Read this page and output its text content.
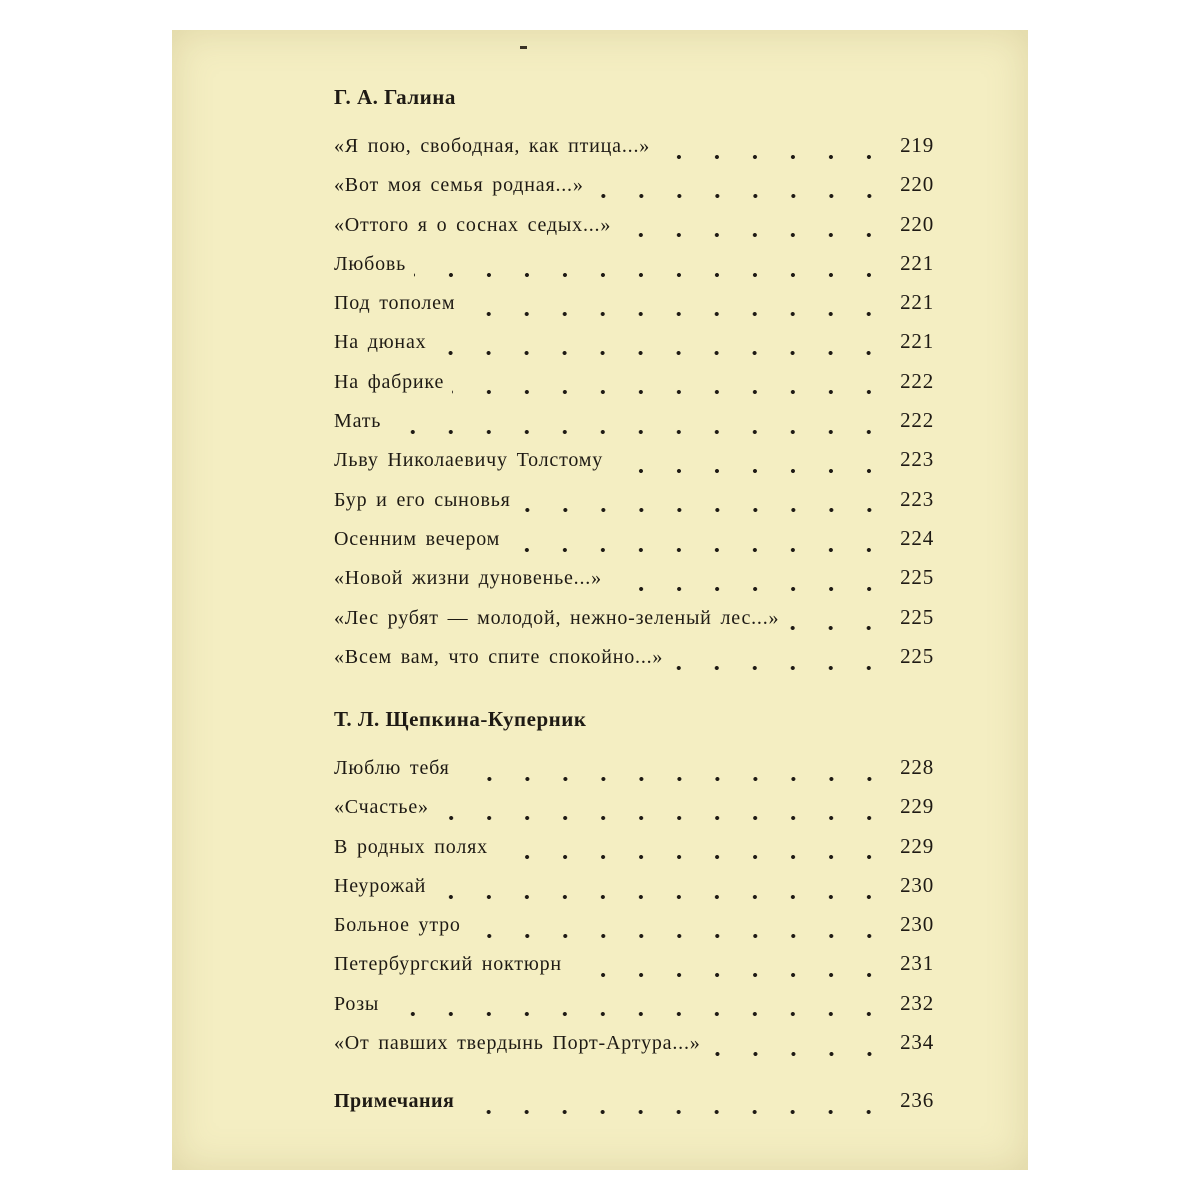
Г. А. Галина
«Я пою, свободная, как птица...»	219
«Вот моя семья родная...»	220
«Оттого я о соснах седых...»	220
Любовь	221
Под тополем	221
На дюнах	221
На фабрике	222
Мать	222
Льву Николаевичу Толстому	223
Бур и его сыновья	223
Осенним вечером	224
«Новой жизни дуновенье...»	225
«Лес рубят — молодой, нежно-зеленый лес...»	225
«Всем вам, что спите спокойно...»	225
Т. Л. Щепкина-Куперник
Люблю тебя	228
«Счастье»	229
В родных полях	229
Неурожай	230
Больное утро	230
Петербургский ноктюрн	231
Розы	232
«От павших твердынь Порт-Артура...»	234
Примечания	236
